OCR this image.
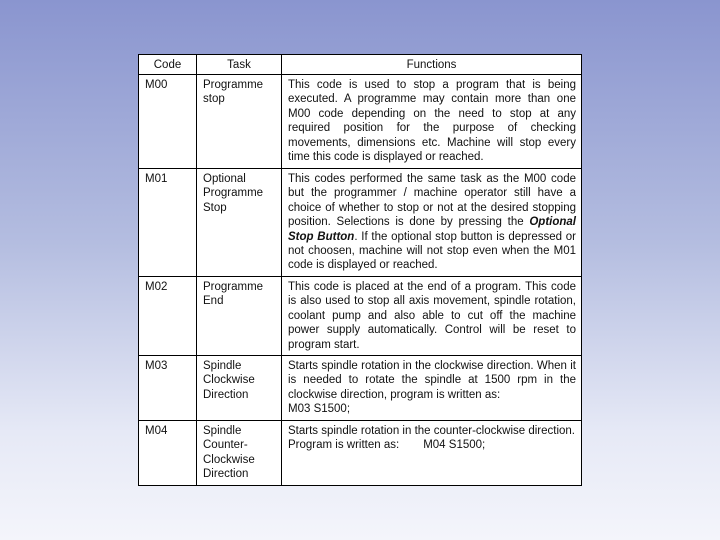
Code	Task	Functions
M00	Programme stop	This code is used to stop a program that is being executed. A programme may contain more than one M00 code depending on the need to stop at any required position for the purpose of checking movements, dimensions etc. Machine will stop every time this code is displayed or reached.
M01	Optional Programme Stop	This codes performed the same task as the M00 code but the programmer / machine operator still have a choice of whether to stop or not at the desired stopping position. Selections is done by pressing the Optional Stop Button. If the optional stop button is depressed or not choosen, machine will not stop even when the M01 code is displayed or reached.
M02	Programme End	This code is placed at the end of a program. This code is also used to stop all axis movement, spindle rotation, coolant pump and also able to cut off the machine power supply automatically. Control will be reset to program start.
M03	Spindle Clockwise Direction	Starts spindle rotation in the clockwise direction. When it is needed to rotate the spindle at 1500 rpm in the clockwise direction, program is written as:
M03 S1500;

M04	Spindle Counter-Clockwise Direction	Starts spindle rotation in the counter-clockwise direction.
Program is written as: M04 S1500;
